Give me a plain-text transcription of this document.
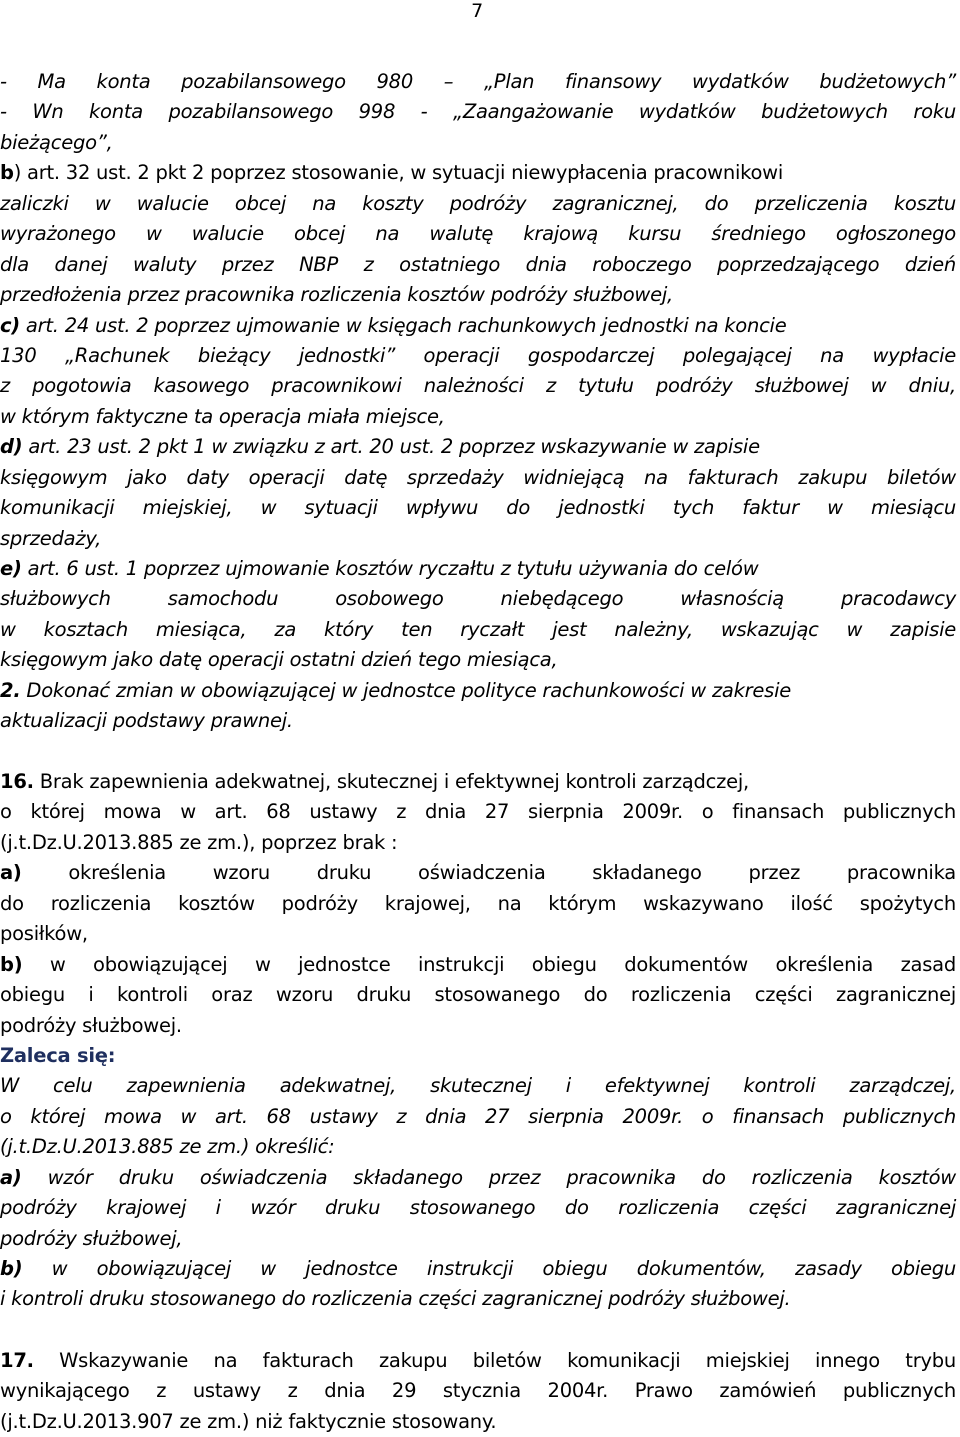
7
- Ma konta pozabilansowego 980 – „Plan finansowy wydatków budżetowych”
- Wn konta pozabilansowego 998 - „Zaangażowanie wydatków budżetowych roku
bieżącego”,
b) art. 32 ust. 2 pkt 2 poprzez stosowanie, w sytuacji niewypłacenia pracownikowi
zaliczki w walucie obcej na koszty podróży zagranicznej, do przeliczenia kosztu
wyrażonego w walucie obcej na walutę krajową kursu średniego ogłoszonego
dla danej waluty przez NBP z ostatniego dnia roboczego poprzedzającego dzień
przedłożenia przez pracownika rozliczenia kosztów podróży służbowej,
c) art. 24 ust. 2 poprzez ujmowanie w księgach rachunkowych jednostki na koncie
130 „Rachunek bieżący jednostki” operacji gospodarczej polegającej na wypłacie
z pogotowia kasowego pracownikowi należności z tytułu podróży służbowej w dniu,
w którym faktyczne ta operacja miała miejsce,
d) art. 23 ust. 2 pkt 1 w związku z art. 20 ust. 2 poprzez wskazywanie w zapisie
księgowym jako daty operacji datę sprzedaży widniejącą na fakturach zakupu biletów
komunikacji miejskiej, w sytuacji wpływu do jednostki tych faktur w miesiącu
sprzedaży,
e) art. 6 ust. 1 poprzez ujmowanie kosztów ryczałtu z tytułu używania do celów
służbowych samochodu osobowego niebędącego własnością pracodawcy
w kosztach miesiąca, za który ten ryczałt jest należny, wskazując w zapisie
księgowym jako datę operacji ostatni dzień tego miesiąca,
2. Dokonać zmian w obowiązującej w jednostce polityce rachunkowości w zakresie
aktualizacji podstawy prawnej.
16. Brak zapewnienia adekwatnej, skutecznej i efektywnej kontroli zarządczej,
o której mowa w art. 68 ustawy z dnia 27 sierpnia 2009r. o finansach publicznych
(j.t.Dz.U.2013.885 ze zm.), poprzez brak :
a) określenia wzoru druku oświadczenia składanego przez pracownika
do rozliczenia kosztów podróży krajowej, na którym wskazywano ilość spożytych
posiłków,
b) w obowiązującej w jednostce instrukcji obiegu dokumentów określenia zasad
obiegu i kontroli oraz wzoru druku stosowanego do rozliczenia części zagranicznej
podróży służbowej.
Zaleca się:
W celu zapewnienia adekwatnej, skutecznej i efektywnej kontroli zarządczej,
o której mowa w art. 68 ustawy z dnia 27 sierpnia 2009r. o finansach publicznych
(j.t.Dz.U.2013.885 ze zm.) określić:
a) wzór druku oświadczenia składanego przez pracownika do rozliczenia kosztów
podróży krajowej i wzór druku stosowanego do rozliczenia części zagranicznej
podróży służbowej,
b) w obowiązującej w jednostce instrukcji obiegu dokumentów, zasady obiegu
i kontroli druku stosowanego do rozliczenia części zagranicznej podróży służbowej.
17. Wskazywanie na fakturach zakupu biletów komunikacji miejskiej innego trybu
wynikającego z ustawy z dnia 29 stycznia 2004r. Prawo zamówień publicznych
(j.t.Dz.U.2013.907 ze zm.) niż faktycznie stosowany.
